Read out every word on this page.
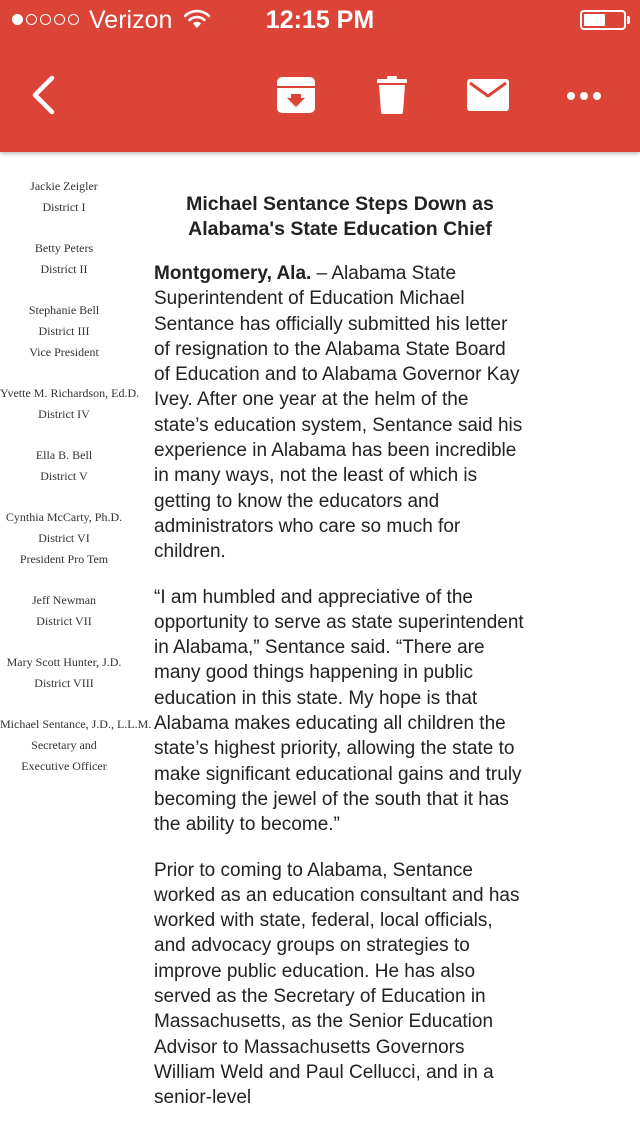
Verizon	12:15 PM
Jackie Zeigler
District I
Betty Peters
District II
Stephanie Bell
District III
Vice President
Yvette M. Richardson, Ed.D.
District IV
Ella B. Bell
District V
Cynthia McCarty, Ph.D.
District VI
President Pro Tem
Jeff Newman
District VII
Mary Scott Hunter, J.D.
District VIII
Michael Sentance, J.D., L.L.M.
Secretary and
Executive Officer
Michael Sentance Steps Down as Alabama's State Education Chief

Montgomery, Ala. – Alabama State Superintendent of Education Michael Sentance has officially submitted his letter of resignation to the Alabama State Board of Education and to Alabama Governor Kay Ivey. After one year at the helm of the state’s education system, Sentance said his experience in Alabama has been incredible in many ways, not the least of which is getting to know the educators and administrators who care so much for children.

“I am humbled and appreciative of the opportunity to serve as state superintendent in Alabama,” Sentance said. “There are many good things happening in public education in this state. My hope is that Alabama makes educating all children the state’s highest priority, allowing the state to make significant educational gains and truly becoming the jewel of the south that it has the ability to become.”

Prior to coming to Alabama, Sentance worked as an education consultant and has worked with state, federal, local officials, and advocacy groups on strategies to improve public education. He has also served as the Secretary of Education in Massachusetts, as the Senior Education Advisor to Massachusetts Governors William Weld and Paul Cellucci, and in a senior-level
